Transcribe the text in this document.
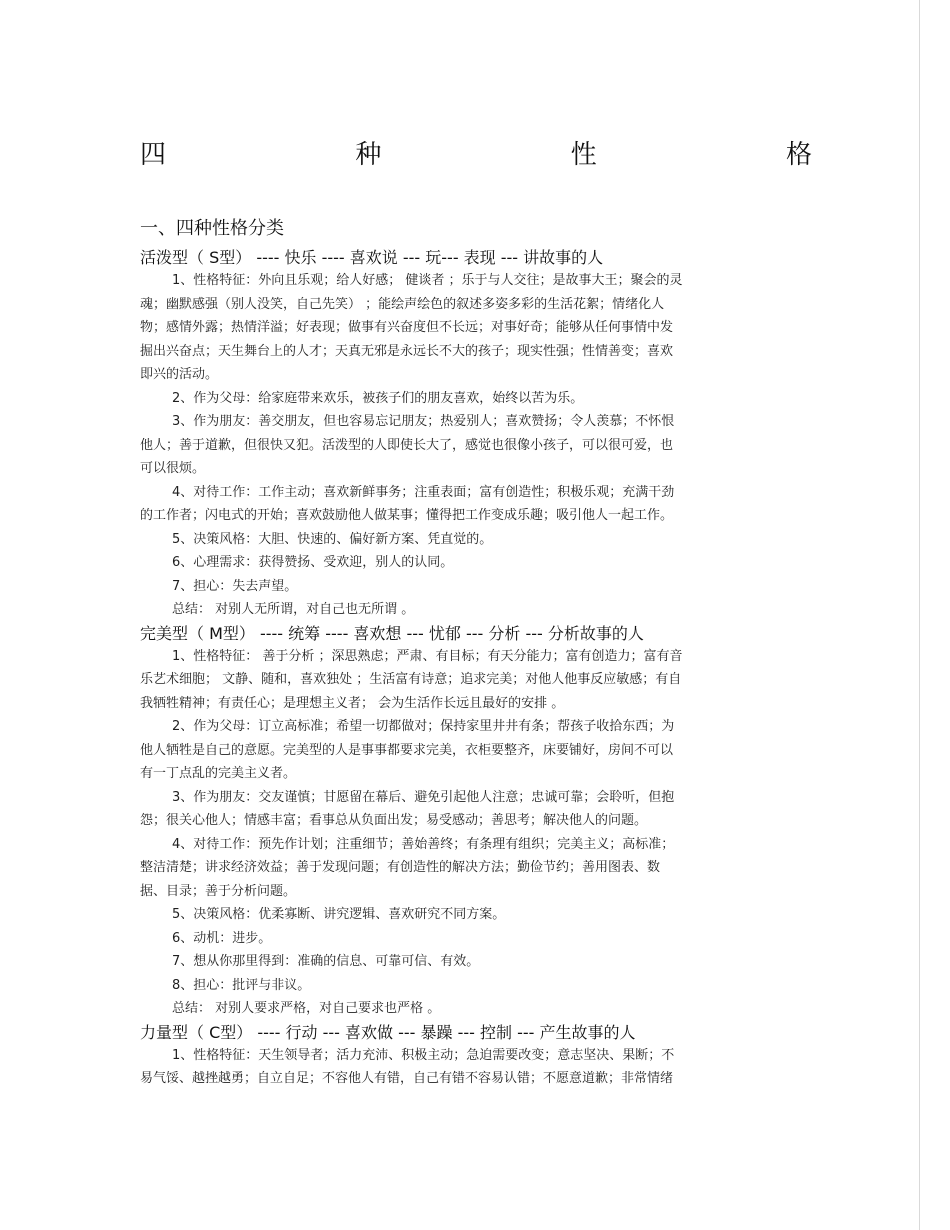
四	种	性	格
一、四种性格分类
活泼型（ S型） ---- 快乐 ---- 喜欢说 --- 玩--- 表现 --- 讲故事的人
1、性格特征：外向且乐观；给人好感； 健谈者 ；乐于与人交往；是故事大王；聚会的灵
魂；幽默感强（别人没笑，自己先笑） ；能绘声绘色的叙述多姿多彩的生活花絮；情绪化人
物；感情外露；热情洋溢；好表现；做事有兴奋度但不长远；对事好奇；能够从任何事情中发
掘出兴奋点；天生舞台上的人才；天真无邪是永远长不大的孩子；现实性强；性情善变；喜欢
即兴的活动。
2、作为父母：给家庭带来欢乐，被孩子们的朋友喜欢，始终以苦为乐。
3、作为朋友：善交朋友，但也容易忘记朋友；热爱别人；喜欢赞扬；令人羡慕；不怀恨
他人；善于道歉，但很快又犯。活泼型的人即使长大了，感觉也很像小孩子，可以很可爱，也
可以很烦。
4、对待工作：工作主动；喜欢新鲜事务；注重表面；富有创造性；积极乐观；充满干劲
的工作者；闪电式的开始；喜欢鼓励他人做某事；懂得把工作变成乐趣；吸引他人一起工作。
5、决策风格：大胆、快速的、偏好新方案、凭直觉的。
6、心理需求：获得赞扬、受欢迎，别人的认同。
7、担心：失去声望。
总结： 对别人无所谓，对自己也无所谓 。
完美型（ M型） ---- 统筹 ---- 喜欢想 --- 忧郁 --- 分析 --- 分析故事的人
1、性格特征： 善于分析 ；深思熟虑；严肃、有目标；有天分能力；富有创造力；富有音
乐艺术细胞； 文静、随和，喜欢独处 ；生活富有诗意；追求完美；对他人他事反应敏感；有自
我牺牲精神；有责任心；是理想主义者； 会为生活作长远且最好的安排 。
2、作为父母：订立高标准；希望一切都做对；保持家里井井有条；帮孩子收拾东西；为
他人牺牲是自己的意愿。完美型的人是事事都要求完美，衣柜要整齐，床要铺好，房间不可以
有一丁点乱的完美主义者。
3、作为朋友：交友谨慎；甘愿留在幕后、避免引起他人注意；忠诚可靠；会聆听，但抱
怨；很关心他人；情感丰富；看事总从负面出发；易受感动；善思考；解决他人的问题。
4、对待工作：预先作计划；注重细节；善始善终；有条理有组织；完美主义；高标准；
整洁清楚；讲求经济效益；善于发现问题；有创造性的解决方法；勤俭节约；善用图表、数
据、目录；善于分析问题。
5、决策风格：优柔寡断、讲究逻辑、喜欢研究不同方案。
6、动机：进步。
7、想从你那里得到：准确的信息、可靠可信、有效。
8、担心：批评与非议。
总结： 对别人要求严格，对自己要求也严格 。
力量型（ C型） ---- 行动 --- 喜欢做 --- 暴躁 --- 控制 --- 产生故事的人
1、性格特征：天生领导者；活力充沛、积极主动；急迫需要改变；意志坚决、果断；不
易气馁、越挫越勇；自立自足；不容他人有错，自己有错不容易认错；不愿意道歉；非常情绪
